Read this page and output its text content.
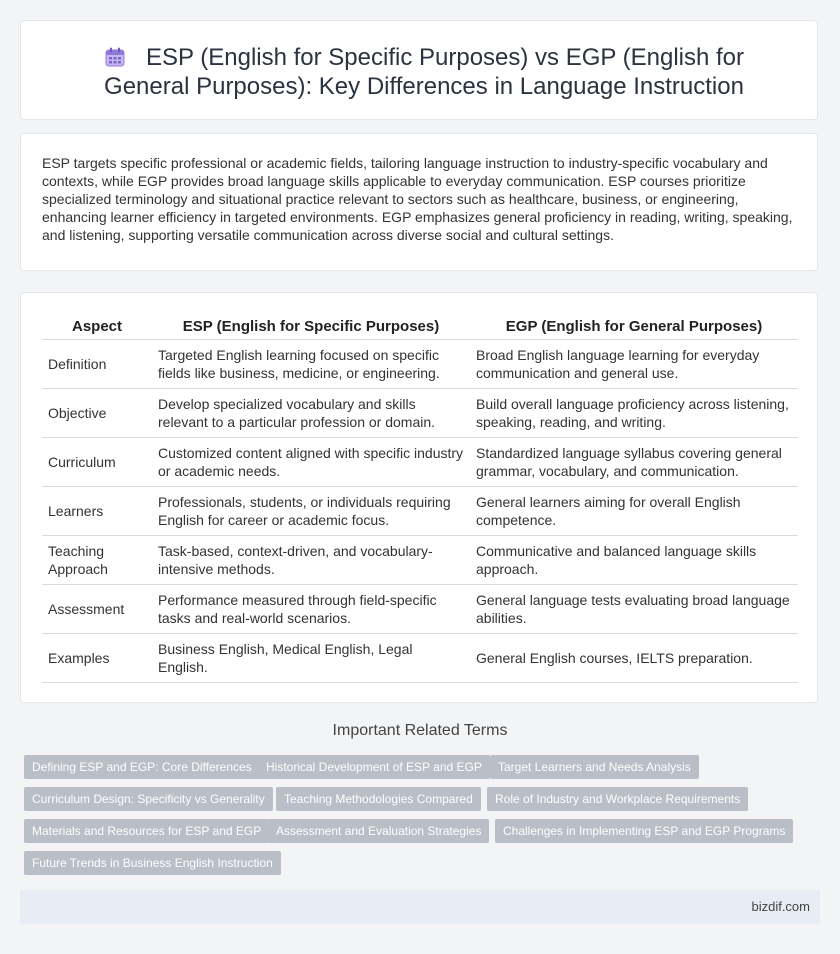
ESP (English for Specific Purposes) vs EGP (English for General Purposes): Key Differences in Language Instruction
ESP targets specific professional or academic fields, tailoring language instruction to industry-specific vocabulary and contexts, while EGP provides broad language skills applicable to everyday communication. ESP courses prioritize specialized terminology and situational practice relevant to sectors such as healthcare, business, or engineering, enhancing learner efficiency in targeted environments. EGP emphasizes general proficiency in reading, writing, speaking, and listening, supporting versatile communication across diverse social and cultural settings.
Aspect	ESP (English for Specific Purposes)	EGP (English for General Purposes)
Definition	Targeted English learning focused on specific fields like business, medicine, or engineering.	Broad English language learning for everyday communication and general use.
Objective	Develop specialized vocabulary and skills relevant to a particular profession or domain.	Build overall language proficiency across listening, speaking, reading, and writing.
Curriculum	Customized content aligned with specific industry or academic needs.	Standardized language syllabus covering general grammar, vocabulary, and communication.
Learners	Professionals, students, or individuals requiring English for career or academic focus.	General learners aiming for overall English competence.
Teaching Approach	Task-based, context-driven, and vocabulary-intensive methods.	Communicative and balanced language skills approach.
Assessment	Performance measured through field-specific tasks and real-world scenarios.	General language tests evaluating broad language abilities.
Examples	Business English, Medical English, Legal English.	General English courses, IELTS preparation.
Important Related Terms
Defining ESP and EGP: Core Differences	Historical Development of ESP and EGP	Target Learners and Needs Analysis
Curriculum Design: Specificity vs Generality	Teaching Methodologies Compared	Role of Industry and Workplace Requirements
Materials and Resources for ESP and EGP	Assessment and Evaluation Strategies	Challenges in Implementing ESP and EGP Programs
Future Trends in Business English Instruction
bizdif.com
